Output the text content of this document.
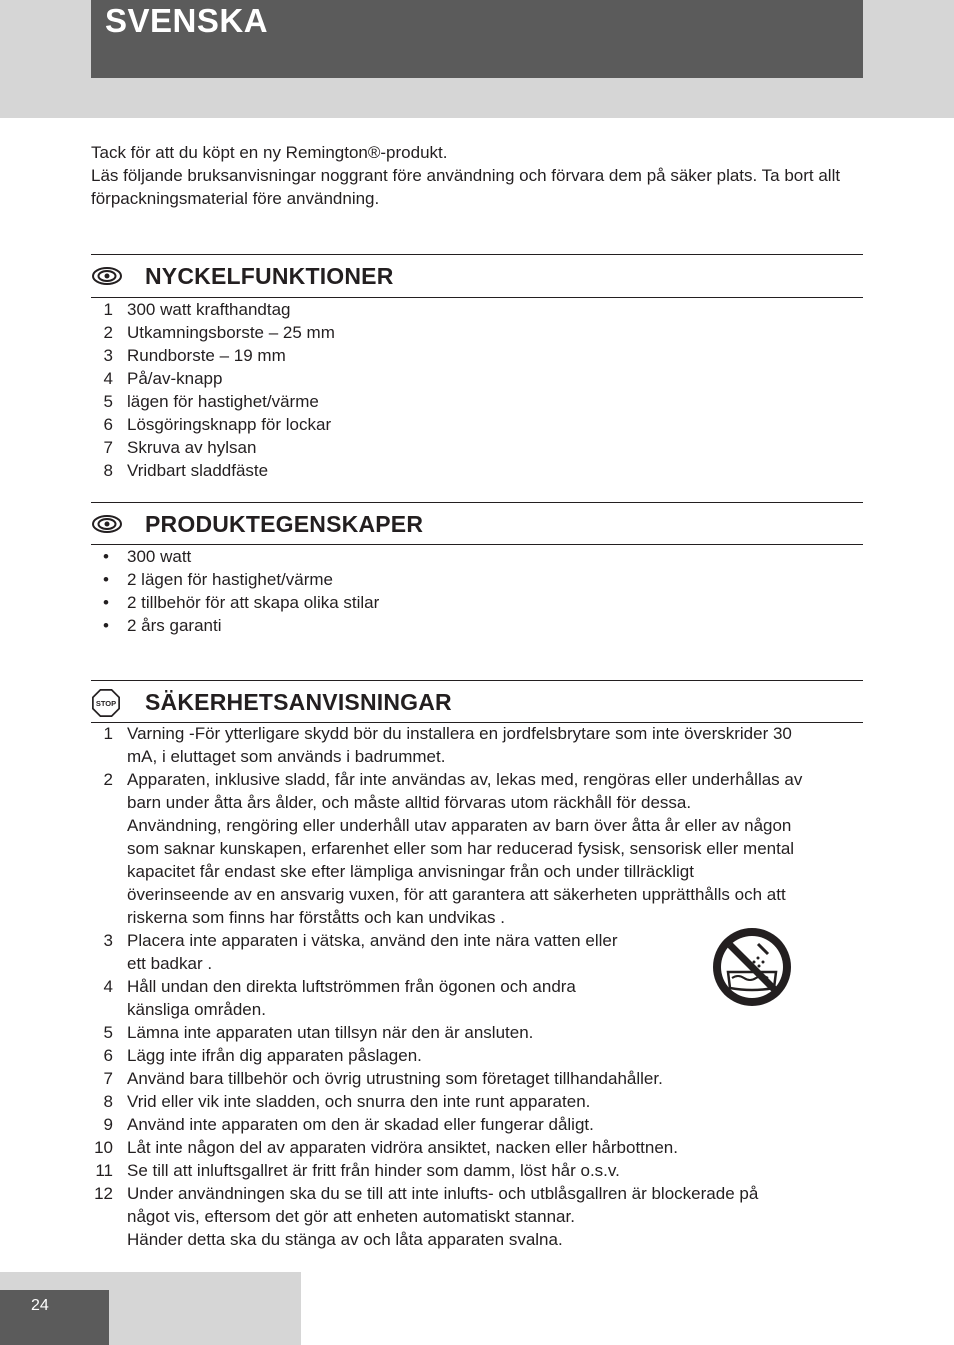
SVENSKA

Tack för att du köpt en ny Remington®-produkt.

Läs följande bruksanvisningar noggrant före användning och förvara dem på säker plats. Ta bort allt förpackningsmaterial före användning.

NYCKELFUNKTIONER
1 300 watt krafthandtag
2 Utkamningsborste – 25 mm
3 Rundborste – 19 mm
4 På/av-knapp
5 lägen för hastighet/värme
6 Lösgöringsknapp för lockar
7 Skruva av hylsan
8 Vridbart sladdfäste
PRODUKTEGENSKAPER
• 300 watt
• 2 lägen för hastighet/värme
• 2 tillbehör för att skapa olika stilar
• 2 års garanti
STOP SÄKERHETSANVISNINGAR
1 Varning -För ytterligare skydd bör du installera en jordfelsbrytare som inte överskrider 30
mA, i eluttaget som används i badrummet.
2 Apparaten, inklusive sladd, får inte användas av, lekas med, rengöras eller underhållas av
barn under åtta års ålder, och måste alltid förvaras utom räckhåll för dessa.
Användning, rengöring eller underhåll utav apparaten av barn över åtta år eller av någon
som saknar kunskapen, erfarenhet eller som har reducerad fysisk, sensorisk eller mental
kapacitet får endast ske efter lämpliga anvisningar från och under tillräckligt
överinseende av en ansvarig vuxen, för att garantera att säkerheten upprätthålls och att
riskerna som finns har förståtts och kan undvikas .
3 Placera inte apparaten i vätska, använd den inte nära vatten eller
ett badkar .
4 Håll undan den direkta luftströmmen från ögonen och andra
känsliga områden.
5 Lämna inte apparaten utan tillsyn när den är ansluten.
6 Lägg inte ifrån dig apparaten påslagen.
7 Använd bara tillbehör och övrig utrustning som företaget tillhandahåller.
8 Vrid eller vik inte sladden, och snurra den inte runt apparaten.
9 Använd inte apparaten om den är skadad eller fungerar dåligt.
10 Låt inte någon del av apparaten vidröra ansiktet, nacken eller hårbottnen.
11 Se till att inluftsgallret är fritt från hinder som damm, löst hår o.s.v.
12 Under användningen ska du se till att inte inlufts- och utblåsgallren är blockerade på
något vis, eftersom det gör att enheten automatiskt stannar.
Händer detta ska du stänga av och låta apparaten svalna.
24
